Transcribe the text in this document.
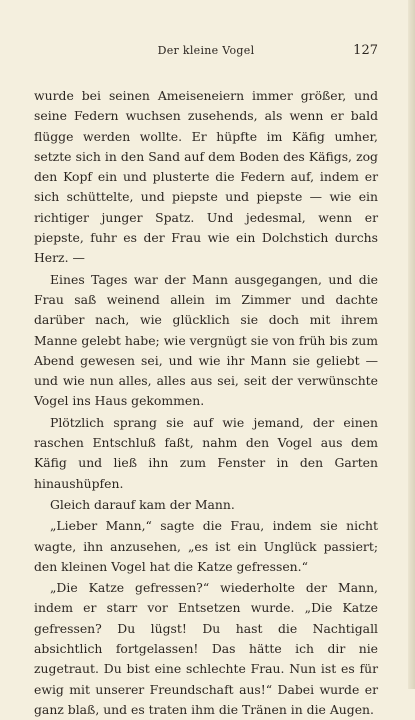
Der kleine Vogel	127

wurde bei seinen Ameiseneiern immer größer, und seine Federn wuchsen zusehends, als wenn er bald flügge werden wollte. Er hüpfte im Käfig umher, setzte sich in den Sand auf dem Boden des Käfigs, zog den Kopf ein und plusterte die Federn auf, indem er sich schüttelte, und piepste und piepste — wie ein richtiger junger Spatz. Und jedesmal, wenn er piepste, fuhr es der Frau wie ein Dolchstich durchs Herz. —

Eines Tages war der Mann ausgegangen, und die Frau saß weinend allein im Zimmer und dachte darüber nach, wie glücklich sie doch mit ihrem Manne gelebt habe; wie vergnügt sie von früh bis zum Abend gewesen sei, und wie ihr Mann sie geliebt — und wie nun alles, alles aus sei, seit der verwünschte Vogel ins Haus gekommen.

Plötzlich sprang sie auf wie jemand, der einen raschen Entschluß faßt, nahm den Vogel aus dem Käfig und ließ ihn zum Fenster in den Garten hinaushüpfen.

Gleich darauf kam der Mann.

„Lieber Mann,“ sagte die Frau, indem sie nicht wagte, ihn anzusehen, „es ist ein Unglück passiert; den kleinen Vogel hat die Katze gefressen.“

„Die Katze gefressen?“ wiederholte der Mann, indem er starr vor Entsetzen wurde. „Die Katze gefressen? Du lügst! Du hast die Nachtigall absichtlich fortgelassen! Das hätte ich dir nie zugetraut. Du bist eine schlechte Frau. Nun ist es für ewig mit unserer Freundschaft aus!“ Dabei wurde er ganz blaß, und es traten ihm die Tränen in die Augen.
